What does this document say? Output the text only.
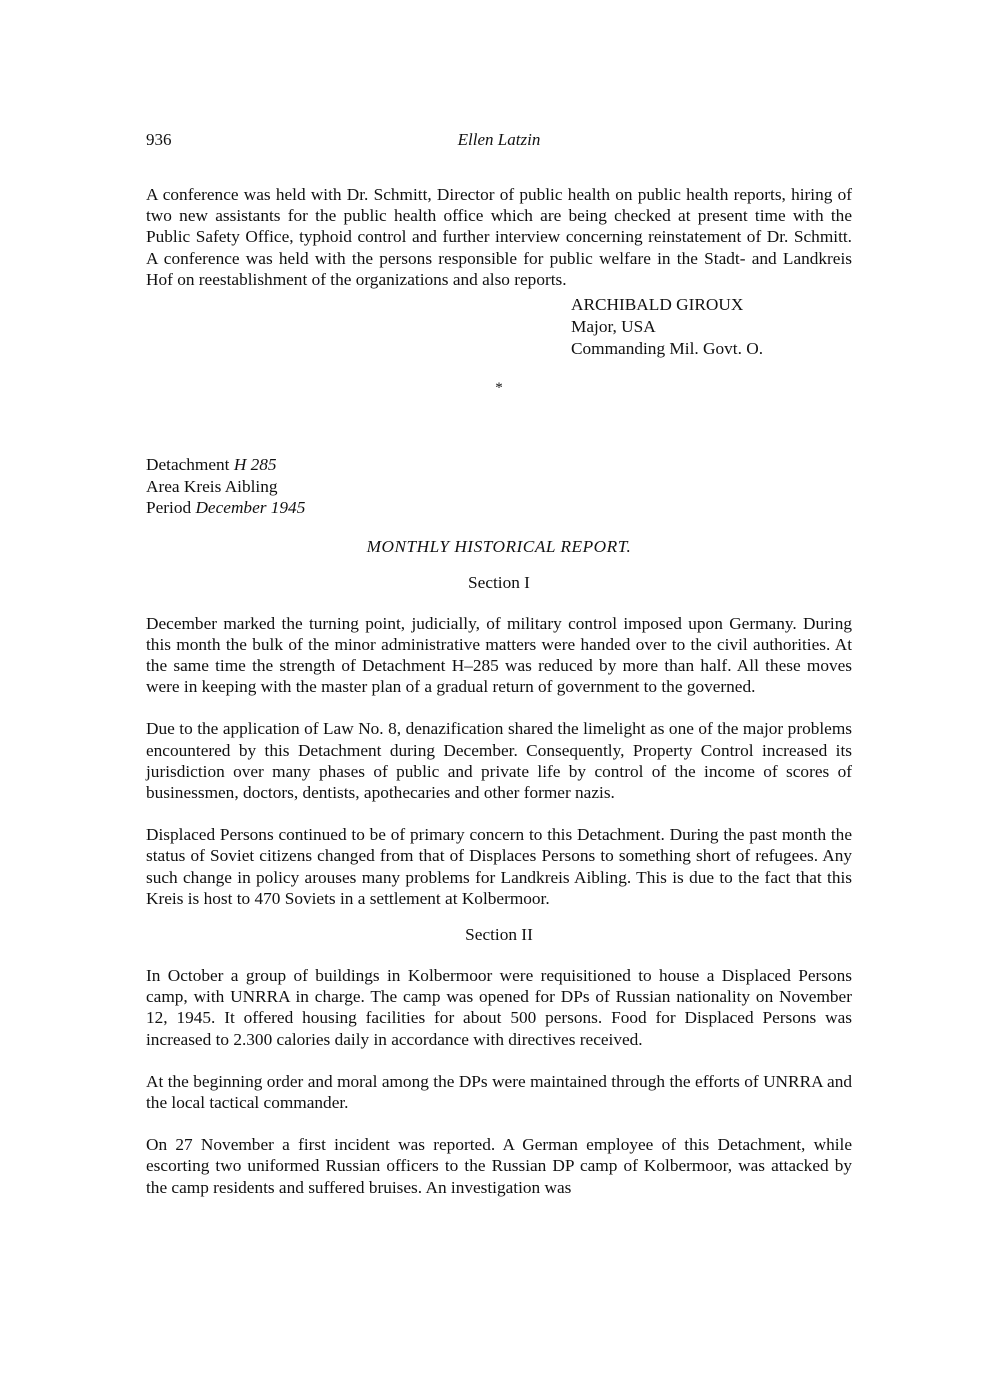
936	Ellen Latzin

A conference was held with Dr. Schmitt, Director of public health on public health reports, hiring of two new assistants for the public health office which are being checked at present time with the Public Safety Office, typhoid control and further interview concerning reinstatement of Dr. Schmitt. A conference was held with the persons responsible for public welfare in the Stadt- and Landkreis Hof on reestablishment of the organizations and also reports.

ARCHIBALD GIROUX
Major, USA
Commanding Mil. Govt. O.
*
Detachment H 285
Area Kreis Aibling
Period December 1945
MONTHLY HISTORICAL REPORT.
Section I

December marked the turning point, judicially, of military control imposed upon Germany. During this month the bulk of the minor administrative matters were handed over to the civil authorities. At the same time the strength of Detachment H–285 was reduced by more than half. All these moves were in keeping with the master plan of a gradual return of government to the governed.

Due to the application of Law No. 8, denazification shared the limelight as one of the major problems encountered by this Detachment during December. Consequently, Property Control increased its jurisdiction over many phases of public and private life by control of the income of scores of businessmen, doctors, dentists, apothecaries and other former nazis.

Displaced Persons continued to be of primary concern to this Detachment. During the past month the status of Soviet citizens changed from that of Displaces Persons to something short of refugees. Any such change in policy arouses many problems for Landkreis Aibling. This is due to the fact that this Kreis is host to 470 Soviets in a settlement at Kolbermoor.

Section II

In October a group of buildings in Kolbermoor were requisitioned to house a Displaced Persons camp, with UNRRA in charge. The camp was opened for DPs of Russian nationality on November 12, 1945. It offered housing facilities for about 500 persons. Food for Displaced Persons was increased to 2.300 calories daily in accordance with directives received.

At the beginning order and moral among the DPs were maintained through the efforts of UNRRA and the local tactical commander.

On 27 November a first incident was reported. A German employee of this Detachment, while escorting two uniformed Russian officers to the Russian DP camp of Kolbermoor, was attacked by the camp residents and suffered bruises. An investigation was
